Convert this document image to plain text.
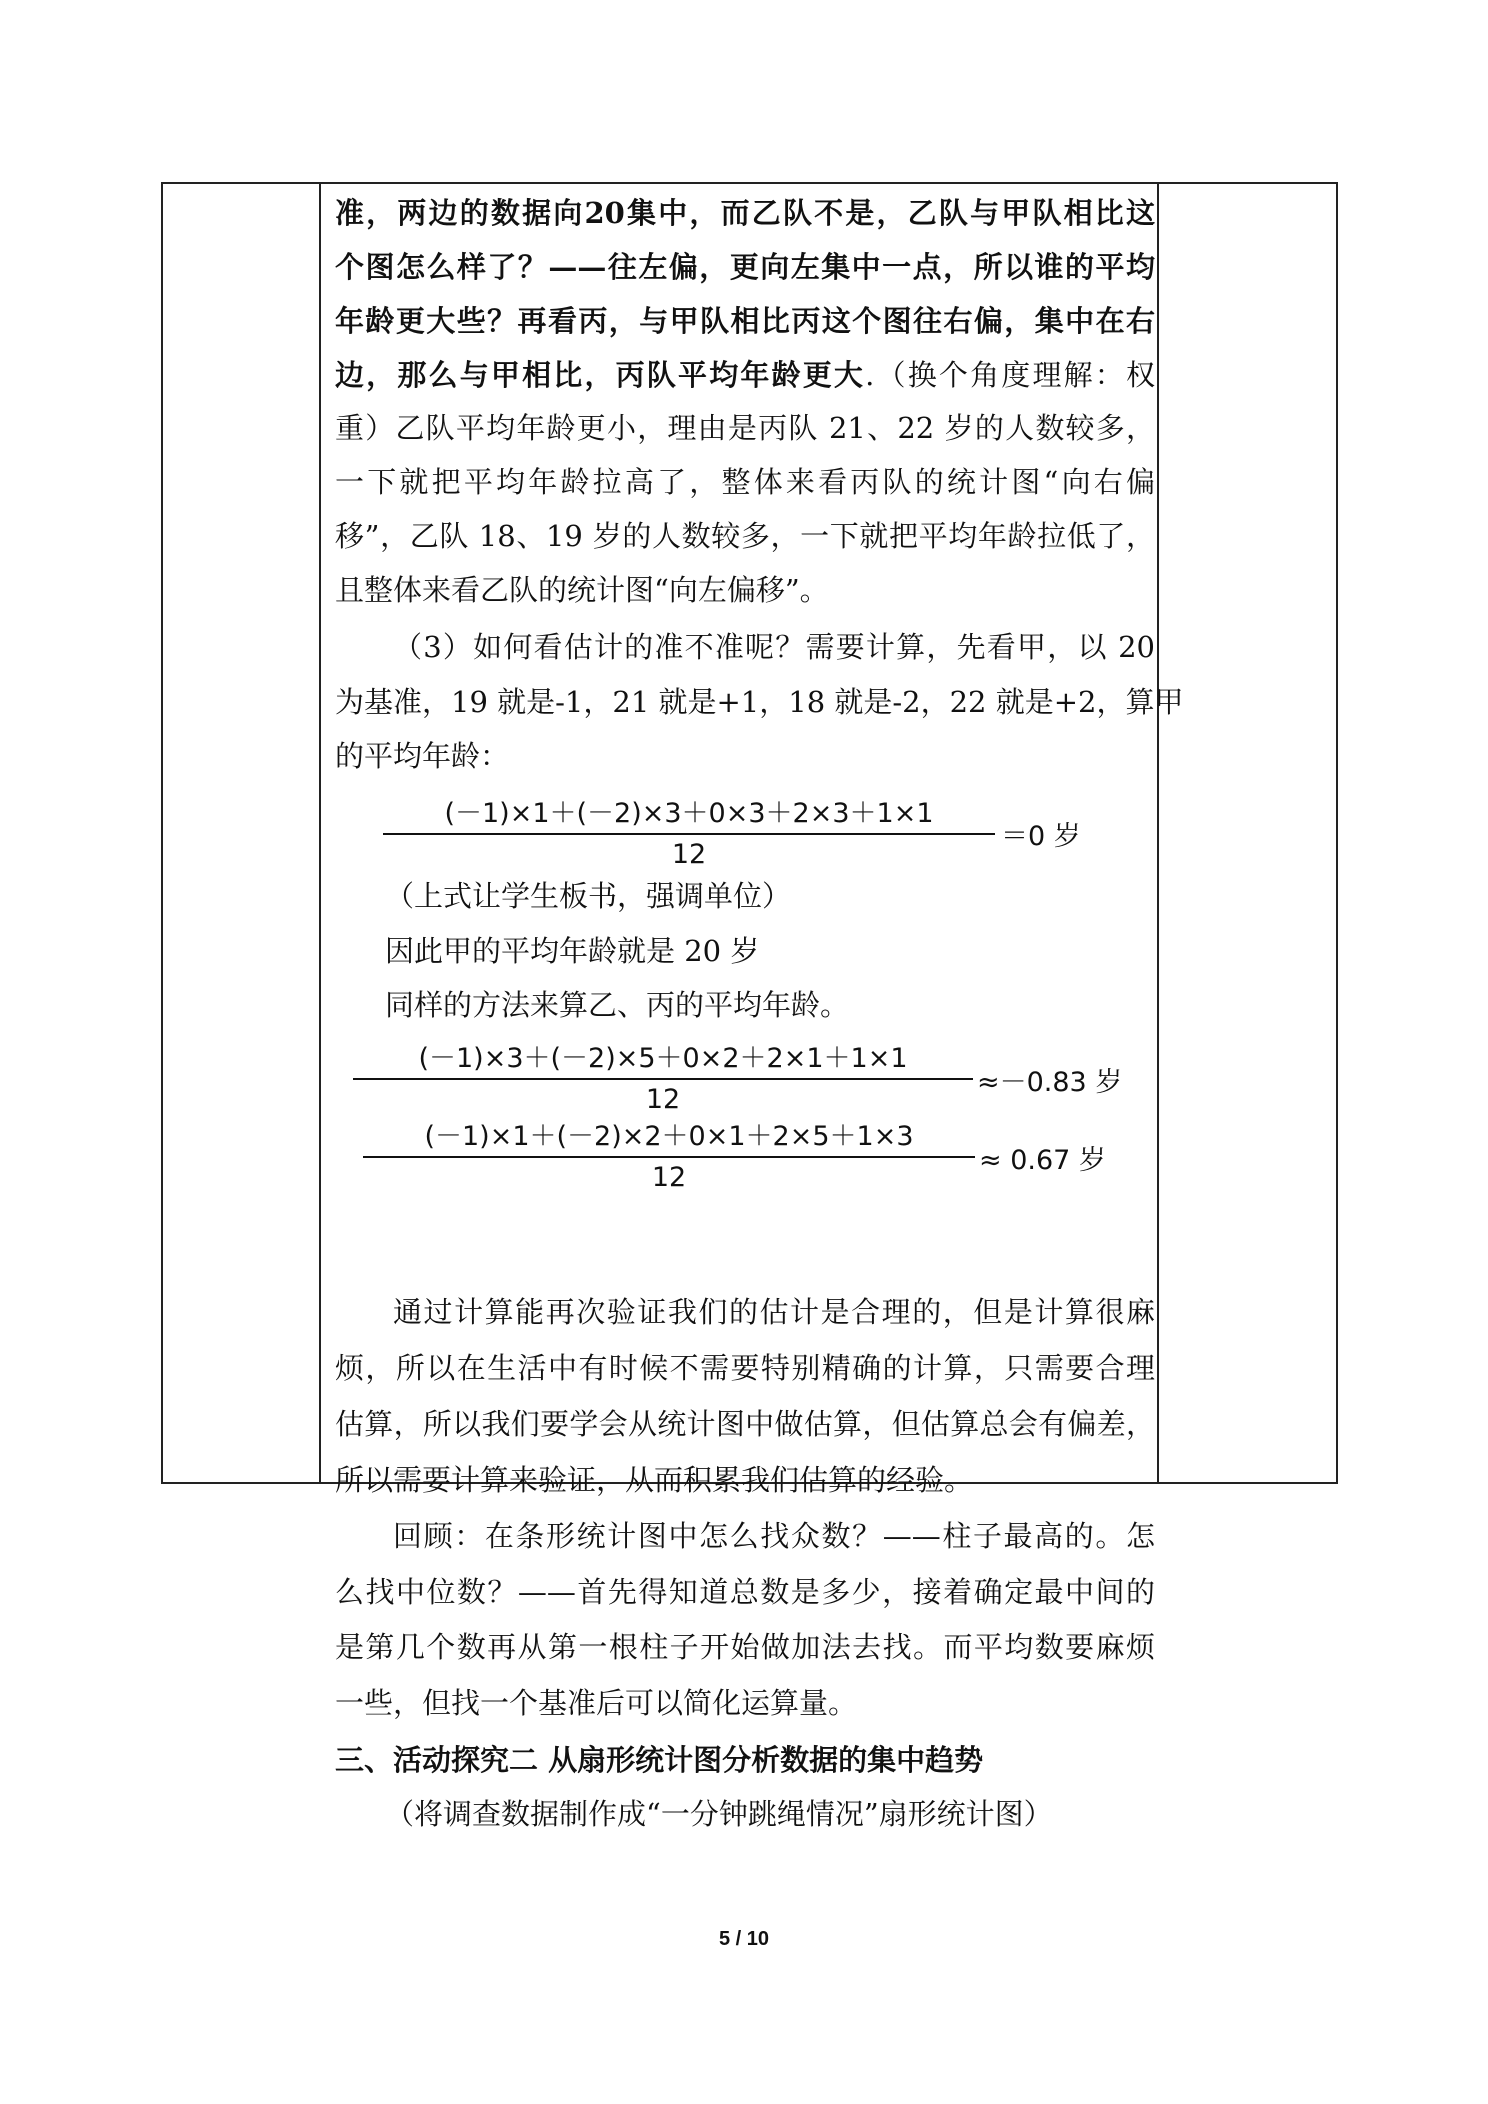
准，两边的数据向20集中，而乙队不是，乙队与甲队相比这
个图怎么样了？——往左偏，更向左集中一点，所以谁的平均
年龄更大些？再看丙，与甲队相比丙这个图往右偏，集中在右
边，那么与甲相比，丙队平均年龄更大.（换个角度理解：权
重）乙队平均年龄更小，理由是丙队 21、22 岁的人数较多，
一下就把平均年龄拉高了，整体来看丙队的统计图“向右偏
移”，乙队 18、19 岁的人数较多，一下就把平均年龄拉低了，
且整体来看乙队的统计图“向左偏移”。
（3）如何看估计的准不准呢？需要计算，先看甲，以 20
为基准，19 就是-1，21 就是+1，18 就是-2，22 就是+2，算甲
的平均年龄：
(－1)×1＋(－2)×3＋0×3＋2×3＋1×1
12
＝0 岁
（上式让学生板书，强调单位）
因此甲的平均年龄就是 20 岁
同样的方法来算乙、丙的平均年龄。
(－1)×3＋(－2)×5＋0×2＋2×1＋1×1
12
≈－0.83 岁
(－1)×1＋(－2)×2＋0×1＋2×5＋1×3
12
≈ 0.67 岁
通过计算能再次验证我们的估计是合理的，但是计算很麻
烦，所以在生活中有时候不需要特别精确的计算，只需要合理
估算，所以我们要学会从统计图中做估算，但估算总会有偏差，
所以需要计算来验证，从而积累我们估算的经验。
回顾：在条形统计图中怎么找众数？——柱子最高的。怎
么找中位数？——首先得知道总数是多少，接着确定最中间的
是第几个数再从第一根柱子开始做加法去找。而平均数要麻烦
一些，但找一个基准后可以简化运算量。
三、活动探究二 从扇形统计图分析数据的集中趋势
（将调查数据制作成“一分钟跳绳情况”扇形统计图）
5 / 10
